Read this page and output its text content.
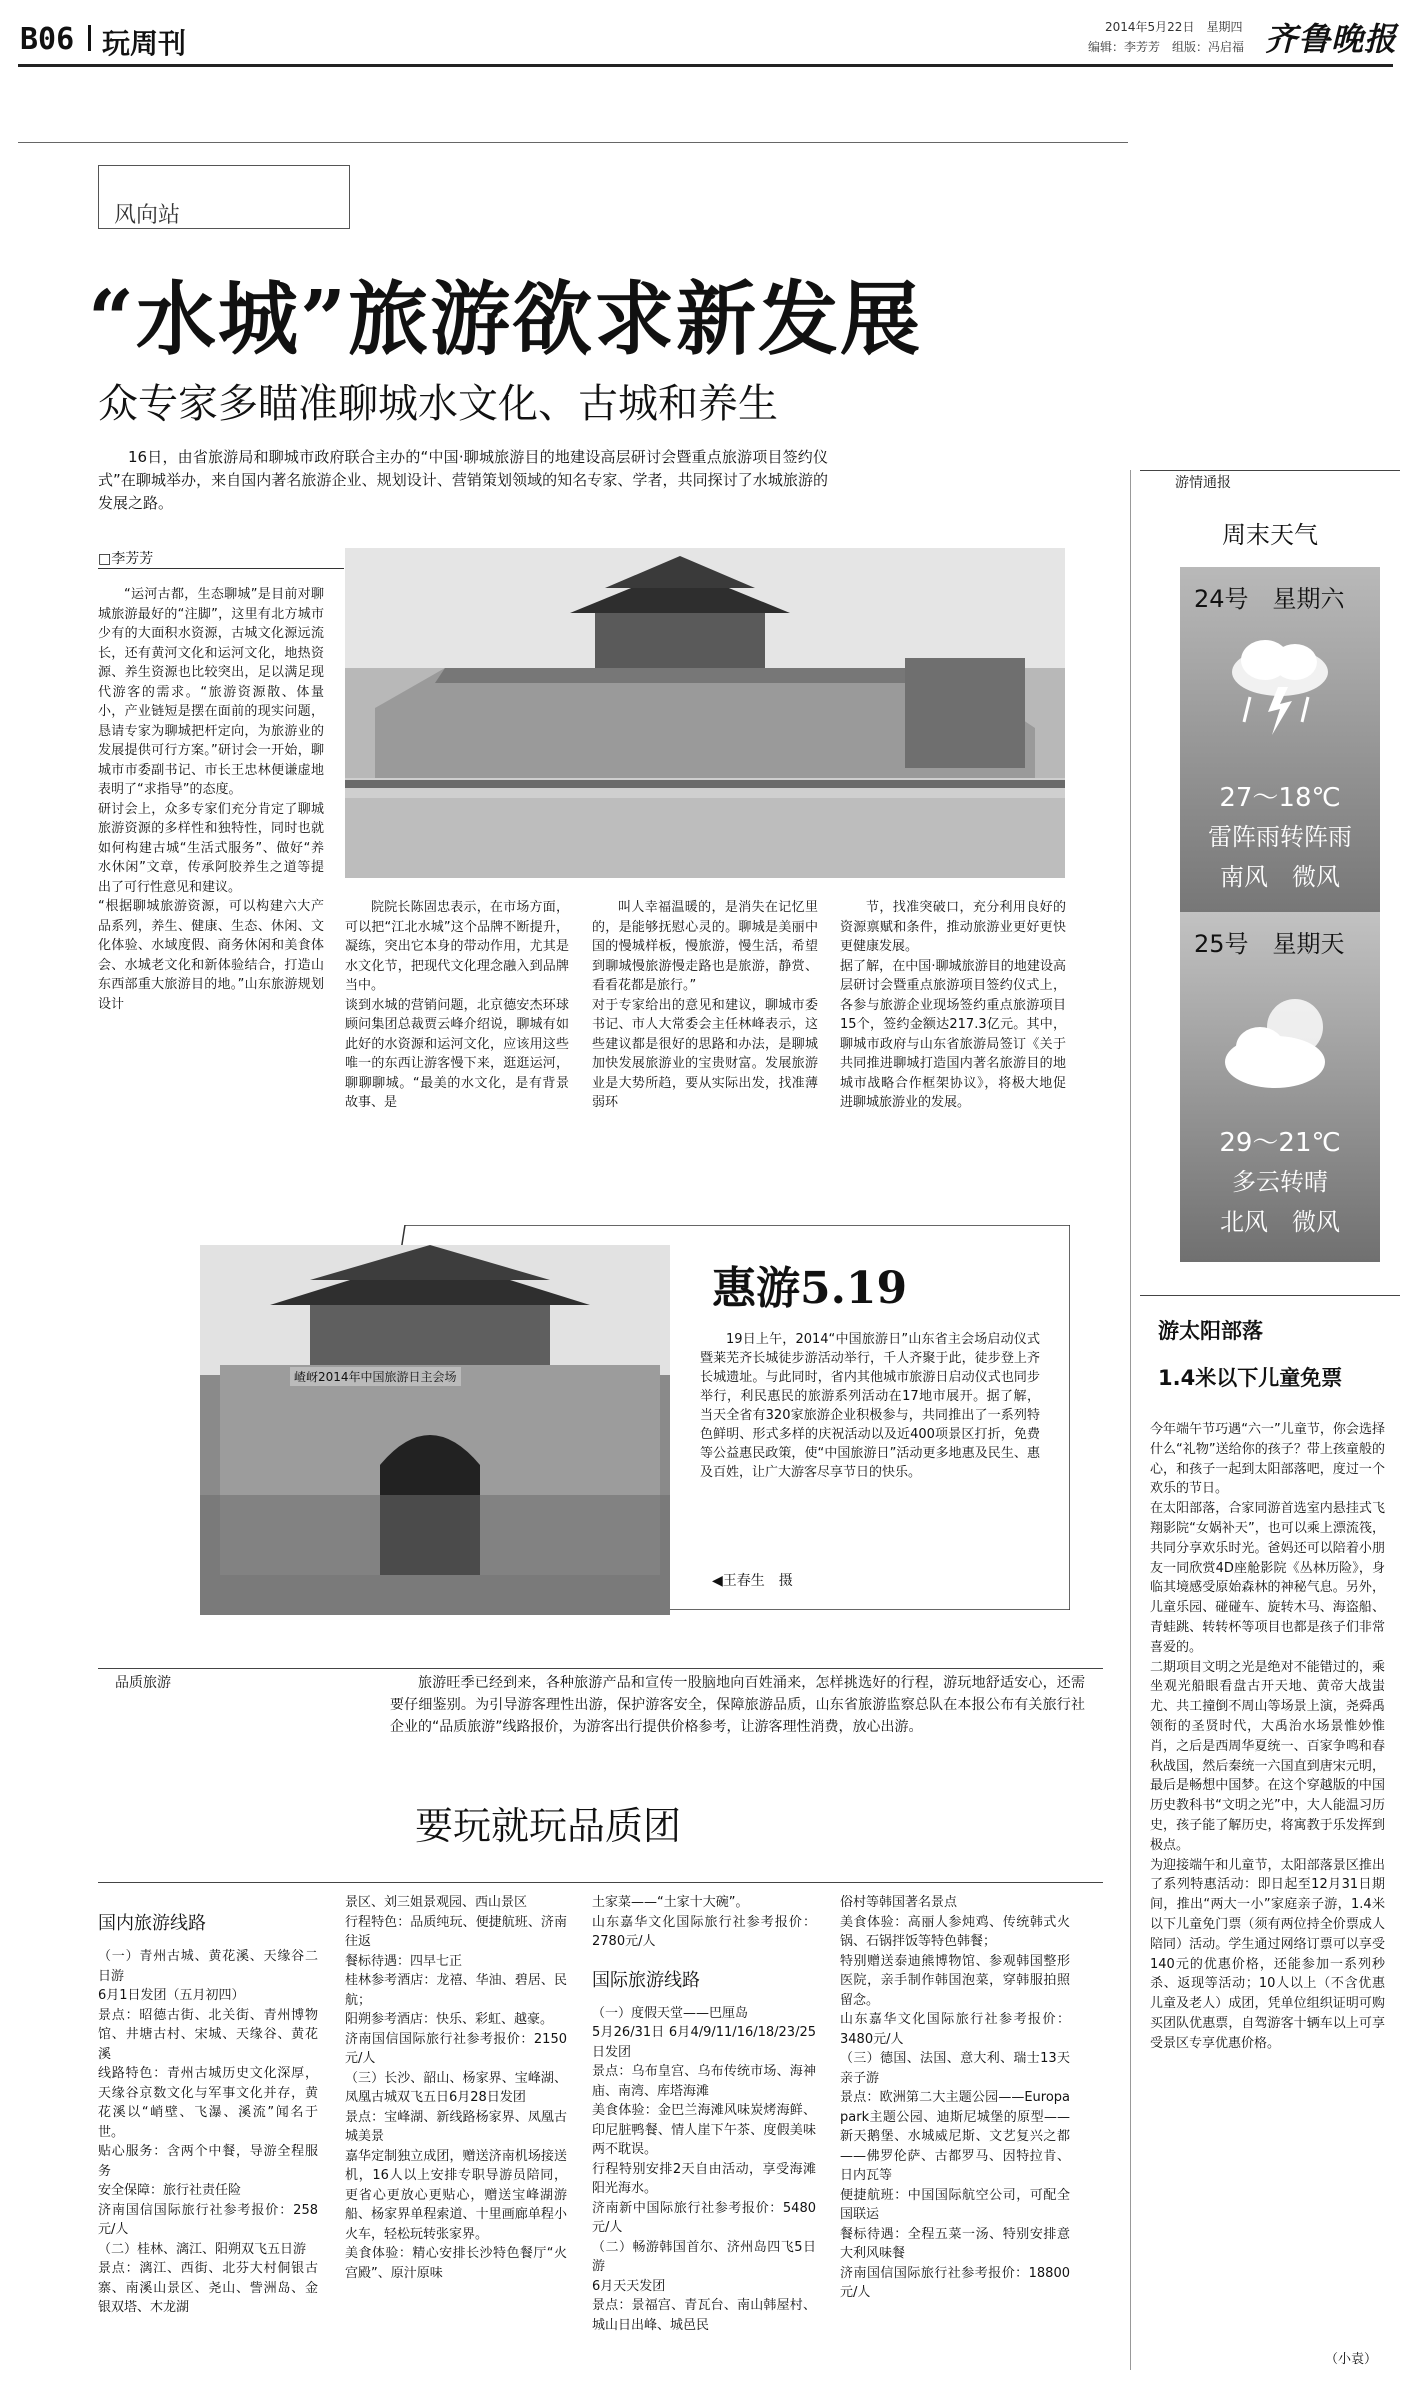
B06 玩周刊	2014年5月22日　星期四
编辑：李芳芳　组版：冯启福 齐鲁晚报
风向站
“水城”旅游欲求新发展
众专家多瞄准聊城水文化、古城和养生
16日，由省旅游局和聊城市政府联合主办的“中国·聊城旅游目的地建设高层研讨会暨重点旅游项目签约仪式”在聊城举办，来自国内著名旅游企业、规划设计、营销策划领域的知名专家、学者，共同探讨了水城旅游的发展之路。
□李芳芳
“运河古都，生态聊城”是目前对聊城旅游最好的“注脚”，这里有北方城市少有的大面积水资源，古城文化源远流长，还有黄河文化和运河文化，地热资源、养生资源也比较突出，足以满足现代游客的需求。“旅游资源散、体量小，产业链短是摆在面前的现实问题，恳请专家为聊城把杆定向，为旅游业的发展提供可行方案。”研讨会一开始，聊城市市委副书记、市长王忠林便谦虚地表明了“求指导”的态度。
研讨会上，众多专家们充分肯定了聊城旅游资源的多样性和独特性，同时也就如何构建古城“生活式服务”、做好“养水休闲”文章，传承阿胶养生之道等提出了可行性意见和建议。
“根据聊城旅游资源，可以构建六大产品系列，养生、健康、生态、休闲、文化体验、水域度假、商务休闲和美食体会、水城老文化和新体验结合，打造山东西部重大旅游目的地。”山东旅游规划设计
院院长陈固忠表示，在市场方面，可以把“江北水城”这个品牌不断提升，凝练，突出它本身的带动作用，尤其是水文化节，把现代文化理念融入到品牌当中。
谈到水城的营销问题，北京德安杰环球顾问集团总裁贾云峰介绍说，聊城有如此好的水资源和运河文化，应该用这些唯一的东西让游客慢下来，逛逛运河，聊聊聊城。“最美的水文化，是有背景故事、是
叫人幸福温暖的，是消失在记忆里的，是能够抚慰心灵的。聊城是美丽中国的慢城样板，慢旅游，慢生活，希望到聊城慢旅游慢走路也是旅游，静赏、看看花都是旅行。”
对于专家给出的意见和建议，聊城市委书记、市人大常委会主任林峰表示，这些建议都是很好的思路和办法，是聊城加快发展旅游业的宝贵财富。发展旅游业是大势所趋，要从实际出发，找准薄弱环
节，找准突破口，充分利用良好的资源禀赋和条件，推动旅游业更好更快更健康发展。
据了解，在中国·聊城旅游目的地建设高层研讨会暨重点旅游项目签约仪式上，各参与旅游企业现场签约重点旅游项目15个，签约金额达217.3亿元。其中，聊城市政府与山东省旅游局签订《关于共同推进聊城打造国内著名旅游目的地城市战略合作框架协议》，将极大地促进聊城旅游业的发展。
嵖岈2014年中国旅游日主会场
惠游5.19
19日上午，2014“中国旅游日”山东省主会场启动仪式暨莱芜齐长城徒步游活动举行，千人齐聚于此，徒步登上齐长城遗址。与此同时，省内其他城市旅游日启动仪式也同步举行，利民惠民的旅游系列活动在17地市展开。据了解，当天全省有320家旅游企业积极参与，共同推出了一系列特色鲜明、形式多样的庆祝活动以及近400项景区打折，免费等公益惠民政策，使“中国旅游日”活动更多地惠及民生、惠及百姓，让广大游客尽享节日的快乐。
◀王春生　摄
游情通报
周末天气
24号　星期六
27～18℃
雷阵雨转阵雨
南风　微风
25号　星期天
29～21℃
多云转晴
北风　微风
游太阳部落
1.4米以下儿童免票
今年端午节巧遇“六一”儿童节，你会选择什么“礼物”送给你的孩子？带上孩童般的心，和孩子一起到太阳部落吧，度过一个欢乐的节日。
在太阳部落，合家同游首选室内悬挂式飞翔影院“女娲补天”，也可以乘上漂流筏，共同分享欢乐时光。爸妈还可以陪着小朋友一同欣赏4D座舱影院《丛林历险》，身临其境感受原始森林的神秘气息。另外，儿童乐园、碰碰车、旋转木马、海盗船、青蛙跳、转转杯等项目也都是孩子们非常喜爱的。
二期项目文明之光是绝对不能错过的，乘坐观光船眼看盘古开天地、黄帝大战蚩尤、共工撞倒不周山等场景上演，尧舜禹领衔的圣贤时代，大禹治水场景惟妙惟肖，之后是西周华夏统一、百家争鸣和春秋战国，然后秦统一六国直到唐宋元明，最后是畅想中国梦。在这个穿越版的中国历史教科书“文明之光”中，大人能温习历史，孩子能了解历史，将寓教于乐发挥到极点。
为迎接端午和儿童节，太阳部落景区推出了系列特惠活动：即日起至12月31日期间，推出“两大一小”家庭亲子游，1.4米以下儿童免门票（须有两位持全价票成人陪同）活动。学生通过网络订票可以享受140元的优惠价格，还能参加一系列秒杀、返现等活动；10人以上（不含优惠儿童及老人）成团，凭单位组织证明可购买团队优惠票，自驾游客十辆车以上可享受景区专享优惠价格。
（小袁）
品质旅游	旅游旺季已经到来，各种旅游产品和宣传一股脑地向百姓涌来，怎样挑选好的行程，游玩地舒适安心，还需要仔细鉴别。为引导游客理性出游，保护游客安全，保障旅游品质，山东省旅游监察总队在本报公布有关旅行社企业的“品质旅游”线路报价，为游客出行提供价格参考，让游客理性消费，放心出游。
要玩就玩品质团
国内旅游线路
（一）青州古城、黄花溪、天缘谷二日游
6月1日发团（五月初四）
景点：昭德古街、北关街、青州博物馆、井塘古村、宋城、天缘谷、黄花溪
线路特色：青州古城历史文化深厚，天缘谷京数文化与军事文化并存，黄花溪以“峭壁、飞瀑、溪流”闻名于世。
贴心服务：含两个中餐，导游全程服务
安全保障：旅行社责任险
济南国信国际旅行社参考报价：258元/人
（二）桂林、漓江、阳朔双飞五日游
景点：漓江、西街、北芬大村侗银古寨、南溪山景区、尧山、訾洲岛、金银双塔、木龙湖
景区、刘三姐景观园、西山景区
行程特色：品质纯玩、便捷航班、济南往返
餐标待遇：四早七正
桂林参考酒店：龙禧、华油、碧居、民航；
阳朔参考酒店：快乐、彩虹、越豪。
济南国信国际旅行社参考报价：2150元/人
（三）长沙、韶山、杨家界、宝峰湖、凤凰古城双飞五日6月28日发团
景点：宝峰湖、新线路杨家界、凤凰古城美景
嘉华定制独立成团，赠送济南机场接送机，16人以上安排专职导游员陪同，更省心更放心更贴心，赠送宝峰湖游船、杨家界单程索道、十里画廊单程小火车，轻松玩转张家界。
美食体验：精心安排长沙特色餐厅“火宫殿”、原汁原味
土家菜——“土家十大碗”。
山东嘉华文化国际旅行社参考报价：2780元/人
国际旅游线路
（一）度假天堂——巴厘岛
5月26/31日 6月4/9/11/16/18/23/25日发团
景点：乌布皇宫、乌布传统市场、海神庙、南湾、库塔海滩
美食体验：金巴兰海滩风味炭烤海鲜、印尼脏鸭餐、情人崖下午茶、度假美味两不耽误。
行程特别安排2天自由活动，享受海滩阳光海水。
济南新中国际旅行社参考报价：5480元/人
（二）畅游韩国首尔、济州岛四飞5日游
6月天天发团
景点：景福宫、青瓦台、南山韩屋村、城山日出峰、城邑民
俗村等韩国著名景点
美食体验：高丽人参炖鸡、传统韩式火锅、石锅拌饭等特色韩餐；
特别赠送泰迪熊博物馆、参观韩国整形医院，亲手制作韩国泡菜，穿韩服拍照留念。
山东嘉华文化国际旅行社参考报价：3480元/人
（三）德国、法国、意大利、瑞士13天亲子游
景点：欧洲第二大主题公园——Europa park主题公园、迪斯尼城堡的原型——新天鹅堡、水城威尼斯、文艺复兴之都——佛罗伦萨、古都罗马、因特拉肯、日内瓦等
便捷航班：中国国际航空公司，可配全国联运
餐标待遇：全程五菜一汤、特别安排意大利风味餐
济南国信国际旅行社参考报价：18800元/人
